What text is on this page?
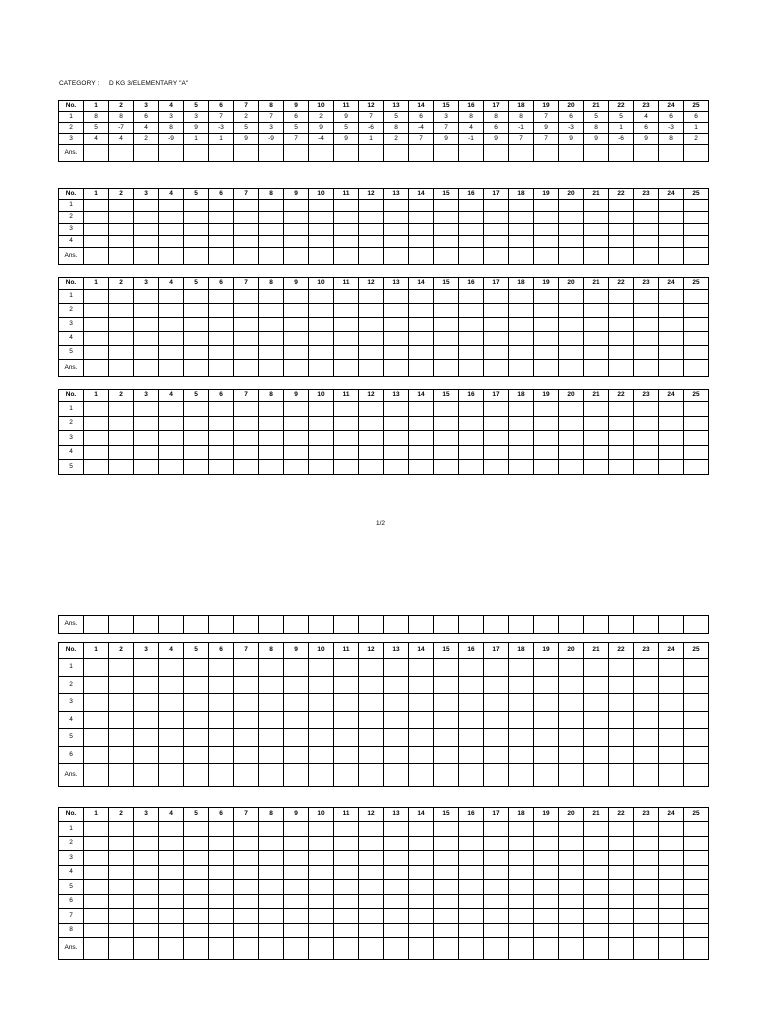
CATEGORY : D KG 3/ELEMENTARY "A"
No.	1	2	3	4	5	6	7	8	9	10	11	12	13	14	15	16	17	18	19	20	21	22	23	24	25
1	8	8	6	3	3	7	2	7	6	2	9	7	5	6	3	8	8	8	7	6	5	5	4	6	6
2	5	-7	4	8	9	-3	5	3	5	9	5	-6	8	-4	7	4	6	-1	9	-3	8	1	6	-3	1
3	4	4	2	-9	1	1	9	-9	7	-4	9	1	2	7	9	-1	9	7	7	9	9	-6	9	8	2
Ans.																									
No.	1	2	3	4	5	6	7	8	9	10	11	12	13	14	15	16	17	18	19	20	21	22	23	24	25
1																									
2																									
3																									
4																									
Ans.																									
No.	1	2	3	4	5	6	7	8	9	10	11	12	13	14	15	16	17	18	19	20	21	22	23	24	25
1																									
2																									
3																									
4																									
5																									
Ans.																									
No.	1	2	3	4	5	6	7	8	9	10	11	12	13	14	15	16	17	18	19	20	21	22	23	24	25
1																									
2																									
3																									
4																									
5																									
1/2
Ans.																									
No.	1	2	3	4	5	6	7	8	9	10	11	12	13	14	15	16	17	18	19	20	21	22	23	24	25
1																									
2																									
3																									
4																									
5																									
6																									
Ans.																									
No.	1	2	3	4	5	6	7	8	9	10	11	12	13	14	15	16	17	18	19	20	21	22	23	24	25
1																									
2																									
3																									
4																									
5																									
6																									
7																									
8																									
Ans.																									
